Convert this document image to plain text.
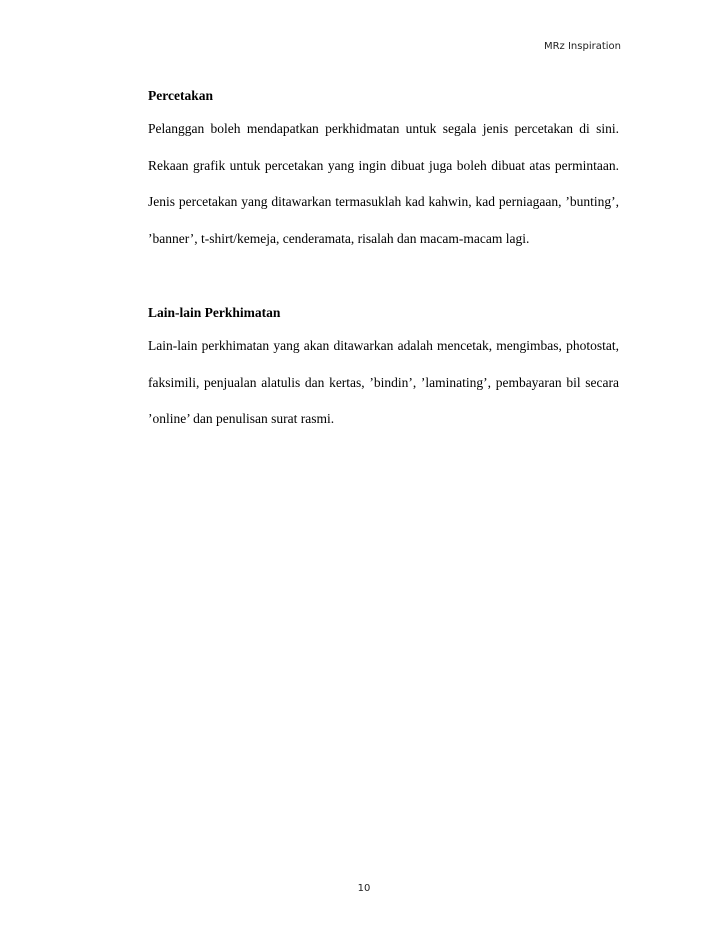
MRz Inspiration
Percetakan

Pelanggan boleh mendapatkan perkhidmatan untuk segala jenis percetakan di sini. Rekaan grafik untuk percetakan yang ingin dibuat juga boleh dibuat atas permintaan. Jenis percetakan yang ditawarkan termasuklah kad kahwin, kad perniagaan, ’bunting’, ’banner’, t-shirt/kemeja, cenderamata, risalah dan macam-macam lagi.

Lain-lain Perkhimatan

Lain-lain perkhimatan yang akan ditawarkan adalah mencetak, mengimbas, photostat, faksimili, penjualan alatulis dan kertas, ’bindin’, ’laminating’, pembayaran bil secara ’online’ dan penulisan surat rasmi.

10
